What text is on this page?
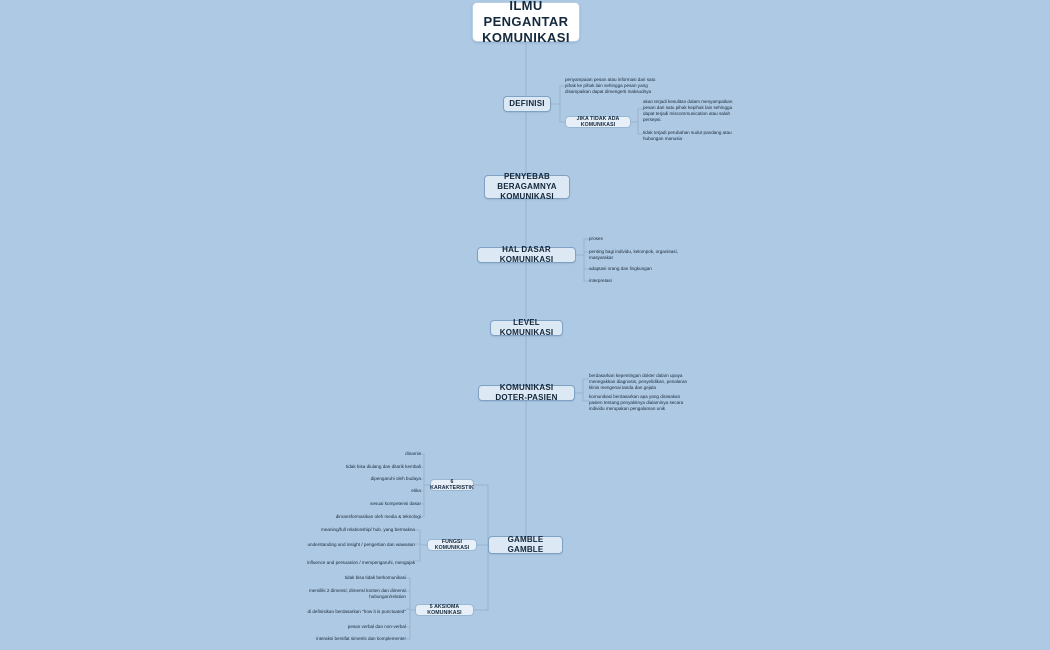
ILMU PENGANTAR KOMUNIKASI
DEFINISI
penyampaian pesan atau informasi dari satu pihak ke pihak lain sehingga pesan yang disampaikan dapat dimengerti maksudnya
JIKA TIDAK ADA KOMUNIKASI
akan terjadi kesulitan dalam menyampaikan pesan dari satu pihak kepihak lain sehingga dapat terjadi miscommunication atau salah persepsi.
tidak terjadi perubahan sudut pandang atau hubungan manusia
PENYEBAB BERAGAMNYA KOMUNIKASI
HAL DASAR KOMUNIKASI
proses
penting bagi individu, kelompok, organisasi, masyarakat
adaptasi orang dan lingkungan
interpretasi
LEVEL KOMUNIKASI
KOMUNIKASI DOTER-PASIEN
berdasarkan kepentingan dokter dalam upaya menegakkan diagnosis, penyelidikan, penalaran klinis mengenai tanda dan gejala
komunikasi berdasarkan apa yang dirasakan pasien tentang penyakitnya dialaminya secara individu merupakan pengalaman unik
GAMBLE GAMBLE
6 KARAKTERISTIK
dinamis
tidak bisa diulang dan ditarik kembali
dipengaruhi oleh budaya
etika
sesuai kompetensi dasar
dinransformasikan oleh media & teknologi
FUNGSI KOMUNIKASI
meaning/full relationship/ hub. yang bermakna
understanding and insight / pengertian dan wawasan
influence and persuasion / mempengaruhi, mengajak
5 AKSIOMA KOMUNIKASI
tidak bisa tidak berkomunikasi
memiliki 2 dimensi; dimensi konten dan dimensi hubungan/relation
di definisikan berdasarkan "how it is punctuated"
pesan verbal dan non-verbal
interaksi bersifat simetris dan komplementer
